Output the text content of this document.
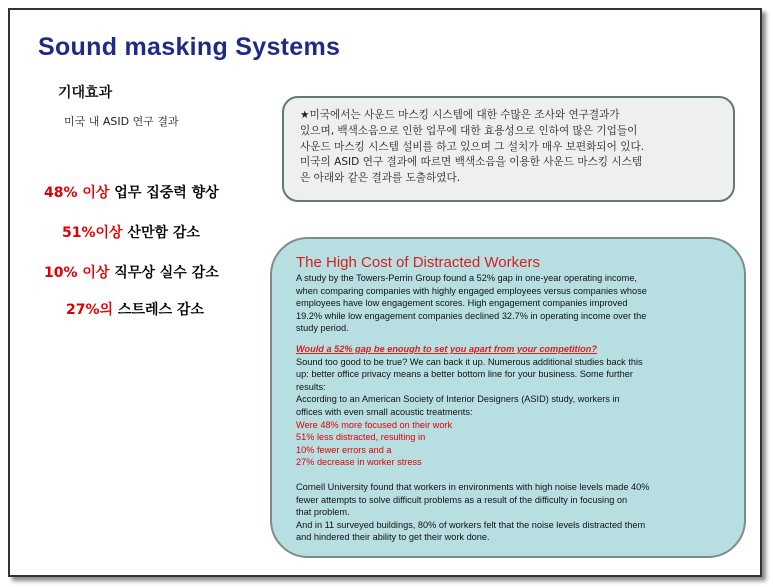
Sound masking Systems
기대효과
미국 내 ASID 연구 결과
48% 이상 업무 집중력 향상
51%이상 산만함 감소
10% 이상 직무상 실수 감소
27%의 스트레스 감소
★미국에서는 사운드 마스킹 시스템에 대한 수많은 조사와 연구결과가
있으며, 백색소음으로 인한 업무에 대한 효용성으로 인하여 많은 기업들이
사운드 마스킹 시스템 설비를 하고 있으며 그 설치가 매우 보편화되어 있다.
미국의 ASID 연구 결과에 따르면 백색소음을 이용한 사운드 마스킹 시스템
은 아래와 같은 결과를 도출하였다.
The High Cost of Distracted Workers
A study by the Towers-Perrin Group found a 52% gap in one-year operating income,
when comparing companies with highly engaged employees versus companies whose
employees have low engagement scores. High engagement companies improved
19.2% while low engagement companies declined 32.7% in operating income over the
study period.
Would a 52% gap be enough to set you apart from your competition?
Sound too good to be true? We can back it up. Numerous additional studies back this
up: better office privacy means a better bottom line for your business. Some further
results:
According to an American Society of Interior Designers (ASID) study, workers in
offices with even small acoustic treatments:
Were 48% more focused on their work
51% less distracted, resulting in
10% fewer errors and a
27% decrease in worker stress
Cornell University found that workers in environments with high noise levels made 40%
fewer attempts to solve difficult problems as a result of the difficulty in focusing on
that problem.
And in 11 surveyed buildings, 80% of workers felt that the noise levels distracted them
and hindered their ability to get their work done.
